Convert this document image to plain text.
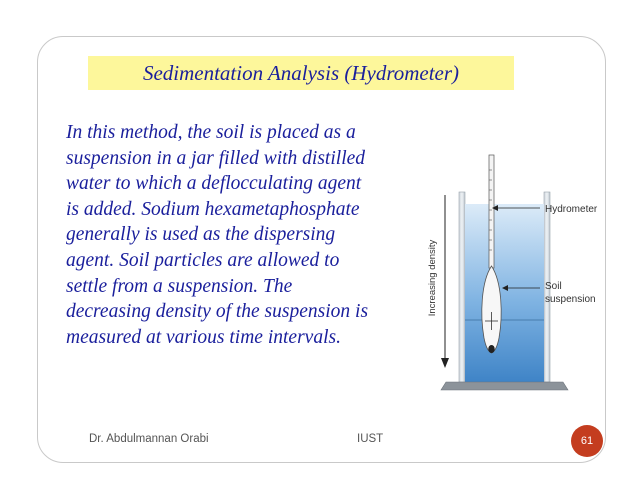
Sedimentation Analysis (Hydrometer)
In this method, the soil is placed as a
suspension in a jar filled with distilled
water to which a deflocculating agent
is added. Sodium hexametaphosphate
generally is used as the dispersing
agent. Soil particles are allowed to
settle from a suspension. The
decreasing density of the suspension is
measured at various time intervals.
Increasing density
Hydrometer
Soil
suspension
Dr. Abdulmannan Orabi	IUST	61
